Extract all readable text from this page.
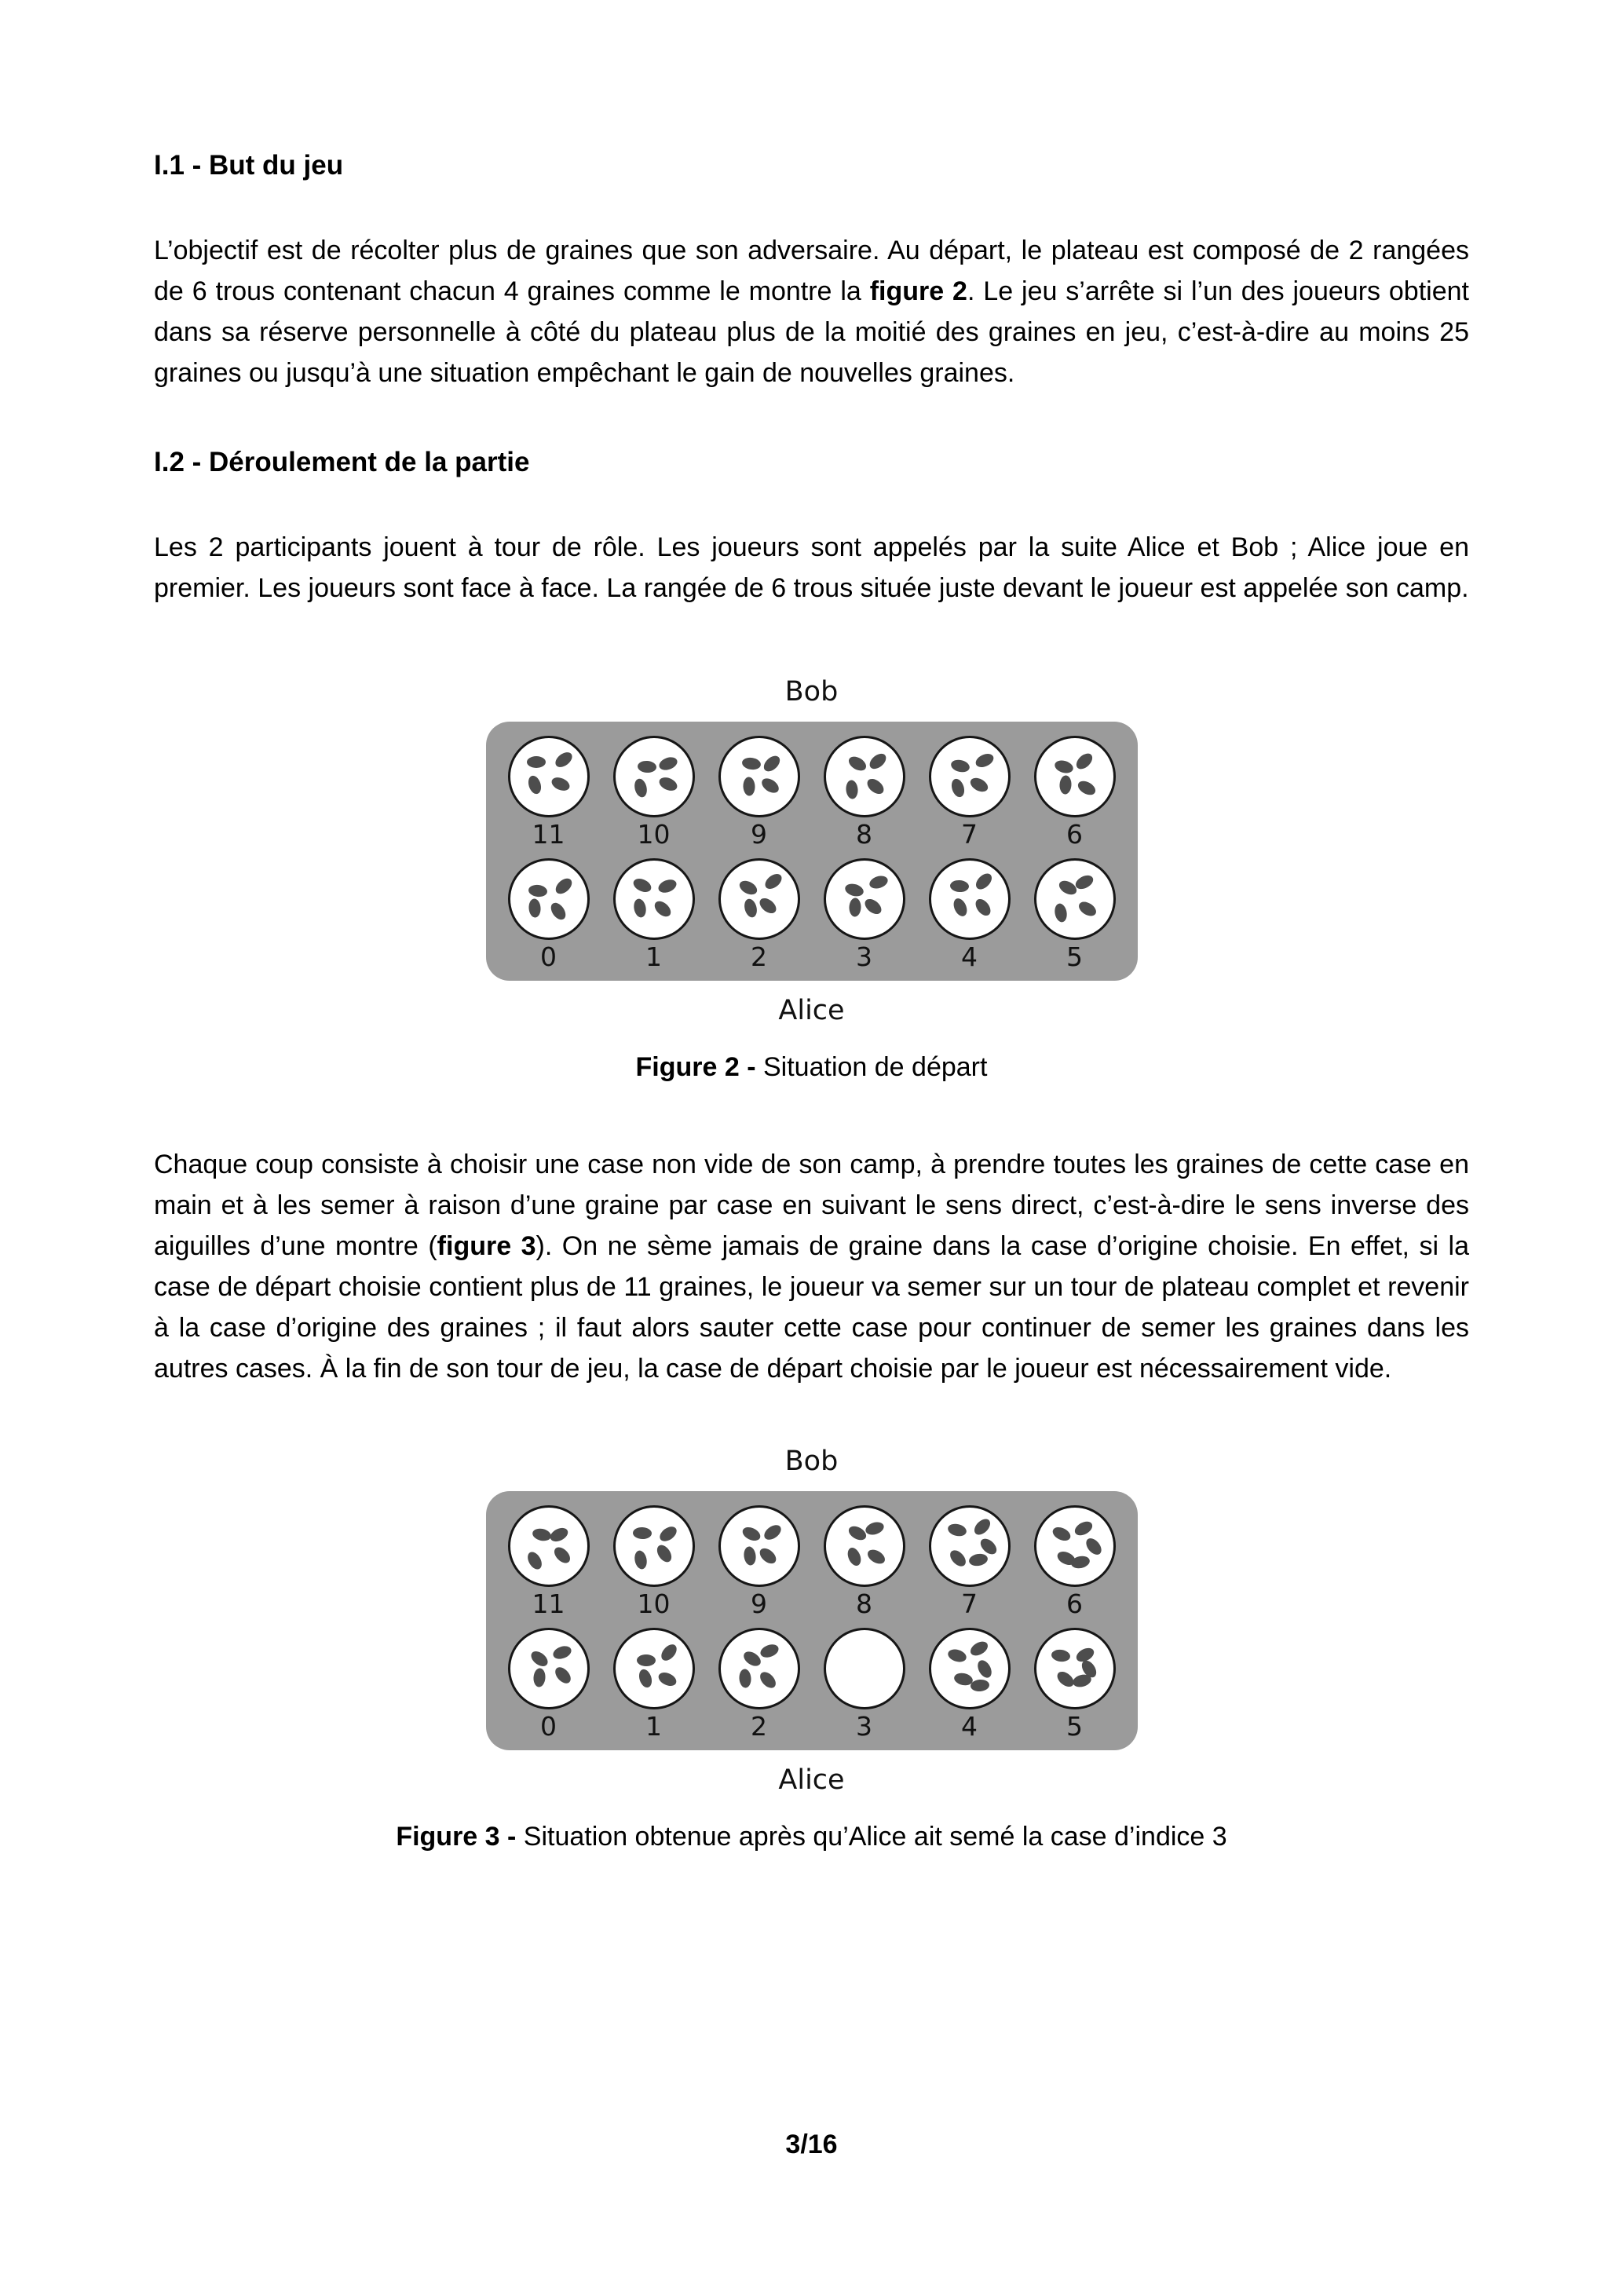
I.1 - But du jeu

L’objectif est de récolter plus de graines que son adversaire. Au départ, le plateau est composé de 2 rangées de 6 trous contenant chacun 4 graines comme le montre la figure 2. Le jeu s’arrête si l’un des joueurs obtient dans sa réserve personnelle à côté du plateau plus de la moitié des graines en jeu, c’est-à-dire au moins 25 graines ou jusqu’à une situation empêchant le gain de nouvelles graines.

I.2 - Déroulement de la partie

Les 2 participants jouent à tour de rôle. Les joueurs sont appelés par la suite Alice et Bob ; Alice joue en premier. Les joueurs sont face à face. La rangée de 6 trous située juste devant le joueur est appelée son camp.

Bob
11	10	9	8	7	6
0	1	2	3	4	5
Alice
Figure 2 - Situation de départ

Chaque coup consiste à choisir une case non vide de son camp, à prendre toutes les graines de cette case en main et à les semer à raison d’une graine par case en suivant le sens direct, c’est-à-dire le sens inverse des aiguilles d’une montre (figure 3). On ne sème jamais de graine dans la case d’origine choisie. En effet, si la case de départ choisie contient plus de 11 graines, le joueur va semer sur un tour de plateau complet et revenir à la case d’origine des graines ; il faut alors sauter cette case pour continuer de semer les graines dans les autres cases. À la fin de son tour de jeu, la case de départ choisie par le joueur est nécessairement vide.

Bob
11	10	9	8	7	6
0	1	2	3	4	5
Alice
Figure 3 - Situation obtenue après qu’Alice ait semé la case d’indice 3
3/16
